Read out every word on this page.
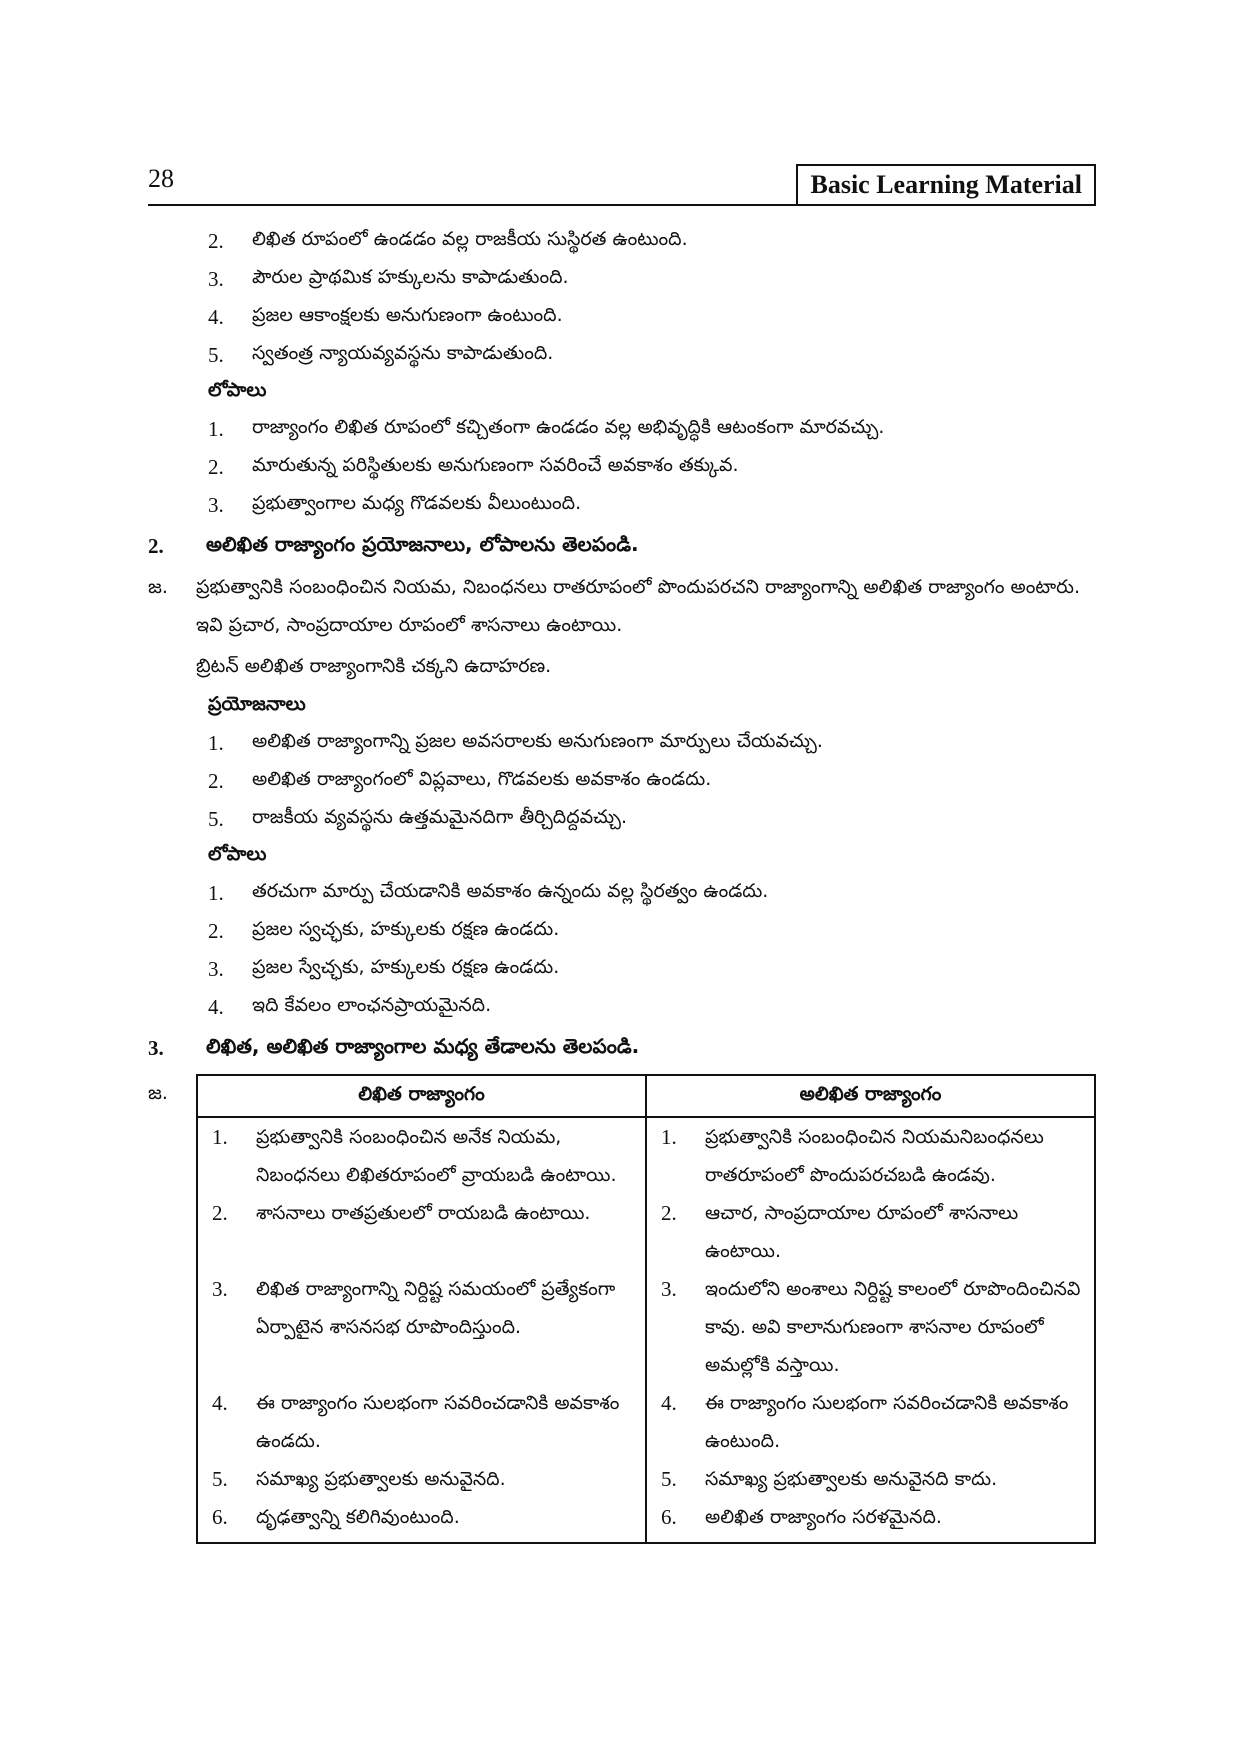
28	Basic Learning Material
2.	లిఖిత రూపంలో ఉండడం వల్ల రాజకీయ సుస్థిరత ఉంటుంది.
3.	పౌరుల ప్రాథమిక హక్కులను కాపాడుతుంది.
4.	ప్రజల ఆకాంక్షలకు అనుగుణంగా ఉంటుంది.
5.	స్వతంత్ర న్యాయవ్యవస్థను కాపాడుతుంది.
లోపాలు
1.	రాజ్యాంగం లిఖిత రూపంలో కచ్చితంగా ఉండడం వల్ల అభివృద్ధికి ఆటంకంగా మారవచ్చు.
2.	మారుతున్న పరిస్థితులకు అనుగుణంగా సవరించే అవకాశం తక్కువ.
3.	ప్రభుత్వాంగాల మధ్య గొడవలకు వీలుంటుంది.
2.	అలిఖిత రాజ్యాంగం ప్రయోజనాలు, లోపాలను తెలపండి.
జ.	ప్రభుత్వానికి సంబంధించిన నియమ, నిబంధనలు రాతరూపంలో పొందుపరచని రాజ్యాంగాన్ని అలిఖిత రాజ్యాంగం అంటారు. ఇవి ప్రచార, సాంప్రదాయాల రూపంలో శాసనాలు ఉంటాయి.
బ్రిటన్ అలిఖిత రాజ్యాంగానికి చక్కని ఉదాహరణ.
ప్రయోజనాలు
1.	అలిఖిత రాజ్యాంగాన్ని ప్రజల అవసరాలకు అనుగుణంగా మార్పులు చేయవచ్చు.
2.	అలిఖిత రాజ్యాంగంలో విప్లవాలు, గొడవలకు అవకాశం ఉండదు.
5.	రాజకీయ వ్యవస్థను ఉత్తమమైనదిగా తీర్చిదిద్దవచ్చు.
లోపాలు
1.	తరచుగా మార్పు చేయడానికి అవకాశం ఉన్నందు వల్ల స్థిరత్వం ఉండదు.
2.	ప్రజల స్వచ్ఛకు, హక్కులకు రక్షణ ఉండదు.
3.	ప్రజల స్వేచ్ఛకు, హక్కులకు రక్షణ ఉండదు.
4.	ఇది కేవలం లాంఛనప్రాయమైనది.
3.	లిఖిత, అలిఖిత రాజ్యాంగాల మధ్య తేడాలను తెలపండి.
జ.	లిఖిత రాజ్యాంగం	అలిఖిత రాజ్యాంగం

1. ప్రభుత్వానికి సంబంధించిన అనేక నియమ, నిబంధనలు లిఖితరూపంలో వ్రాయబడి ఉంటాయి.	1. ప్రభుత్వానికి సంబంధించిన నియమనిబంధనలు రాతరూపంలో పొందుపరచబడి ఉండవు.

2. శాసనాలు రాతప్రతులలో రాయబడి ఉంటాయి.	2. ఆచార, సాంప్రదాయాల రూపంలో శాసనాలు ఉంటాయి.

3. లిఖిత రాజ్యాంగాన్ని నిర్దిష్ట సమయంలో ప్రత్యేకంగా ఏర్పాటైన శాసనసభ రూపొందిస్తుంది.	3. ఇందులోని అంశాలు నిర్దిష్ట కాలంలో రూపొందించినవి కావు. అవి కాలానుగుణంగా శాసనాల రూపంలో అమల్లోకి వస్తాయి.

4. ఈ రాజ్యాంగం సులభంగా సవరించడానికి అవకాశం ఉండదు.	4. ఈ రాజ్యాంగం సులభంగా సవరించడానికి అవకాశం ఉంటుంది.

5. సమాఖ్య ప్రభుత్వాలకు అనువైనది.	5. సమాఖ్య ప్రభుత్వాలకు అనువైనది కాదు.

6. దృఢత్వాన్ని కలిగివుంటుంది.	6. అలిఖిత రాజ్యాంగం సరళమైనది.
